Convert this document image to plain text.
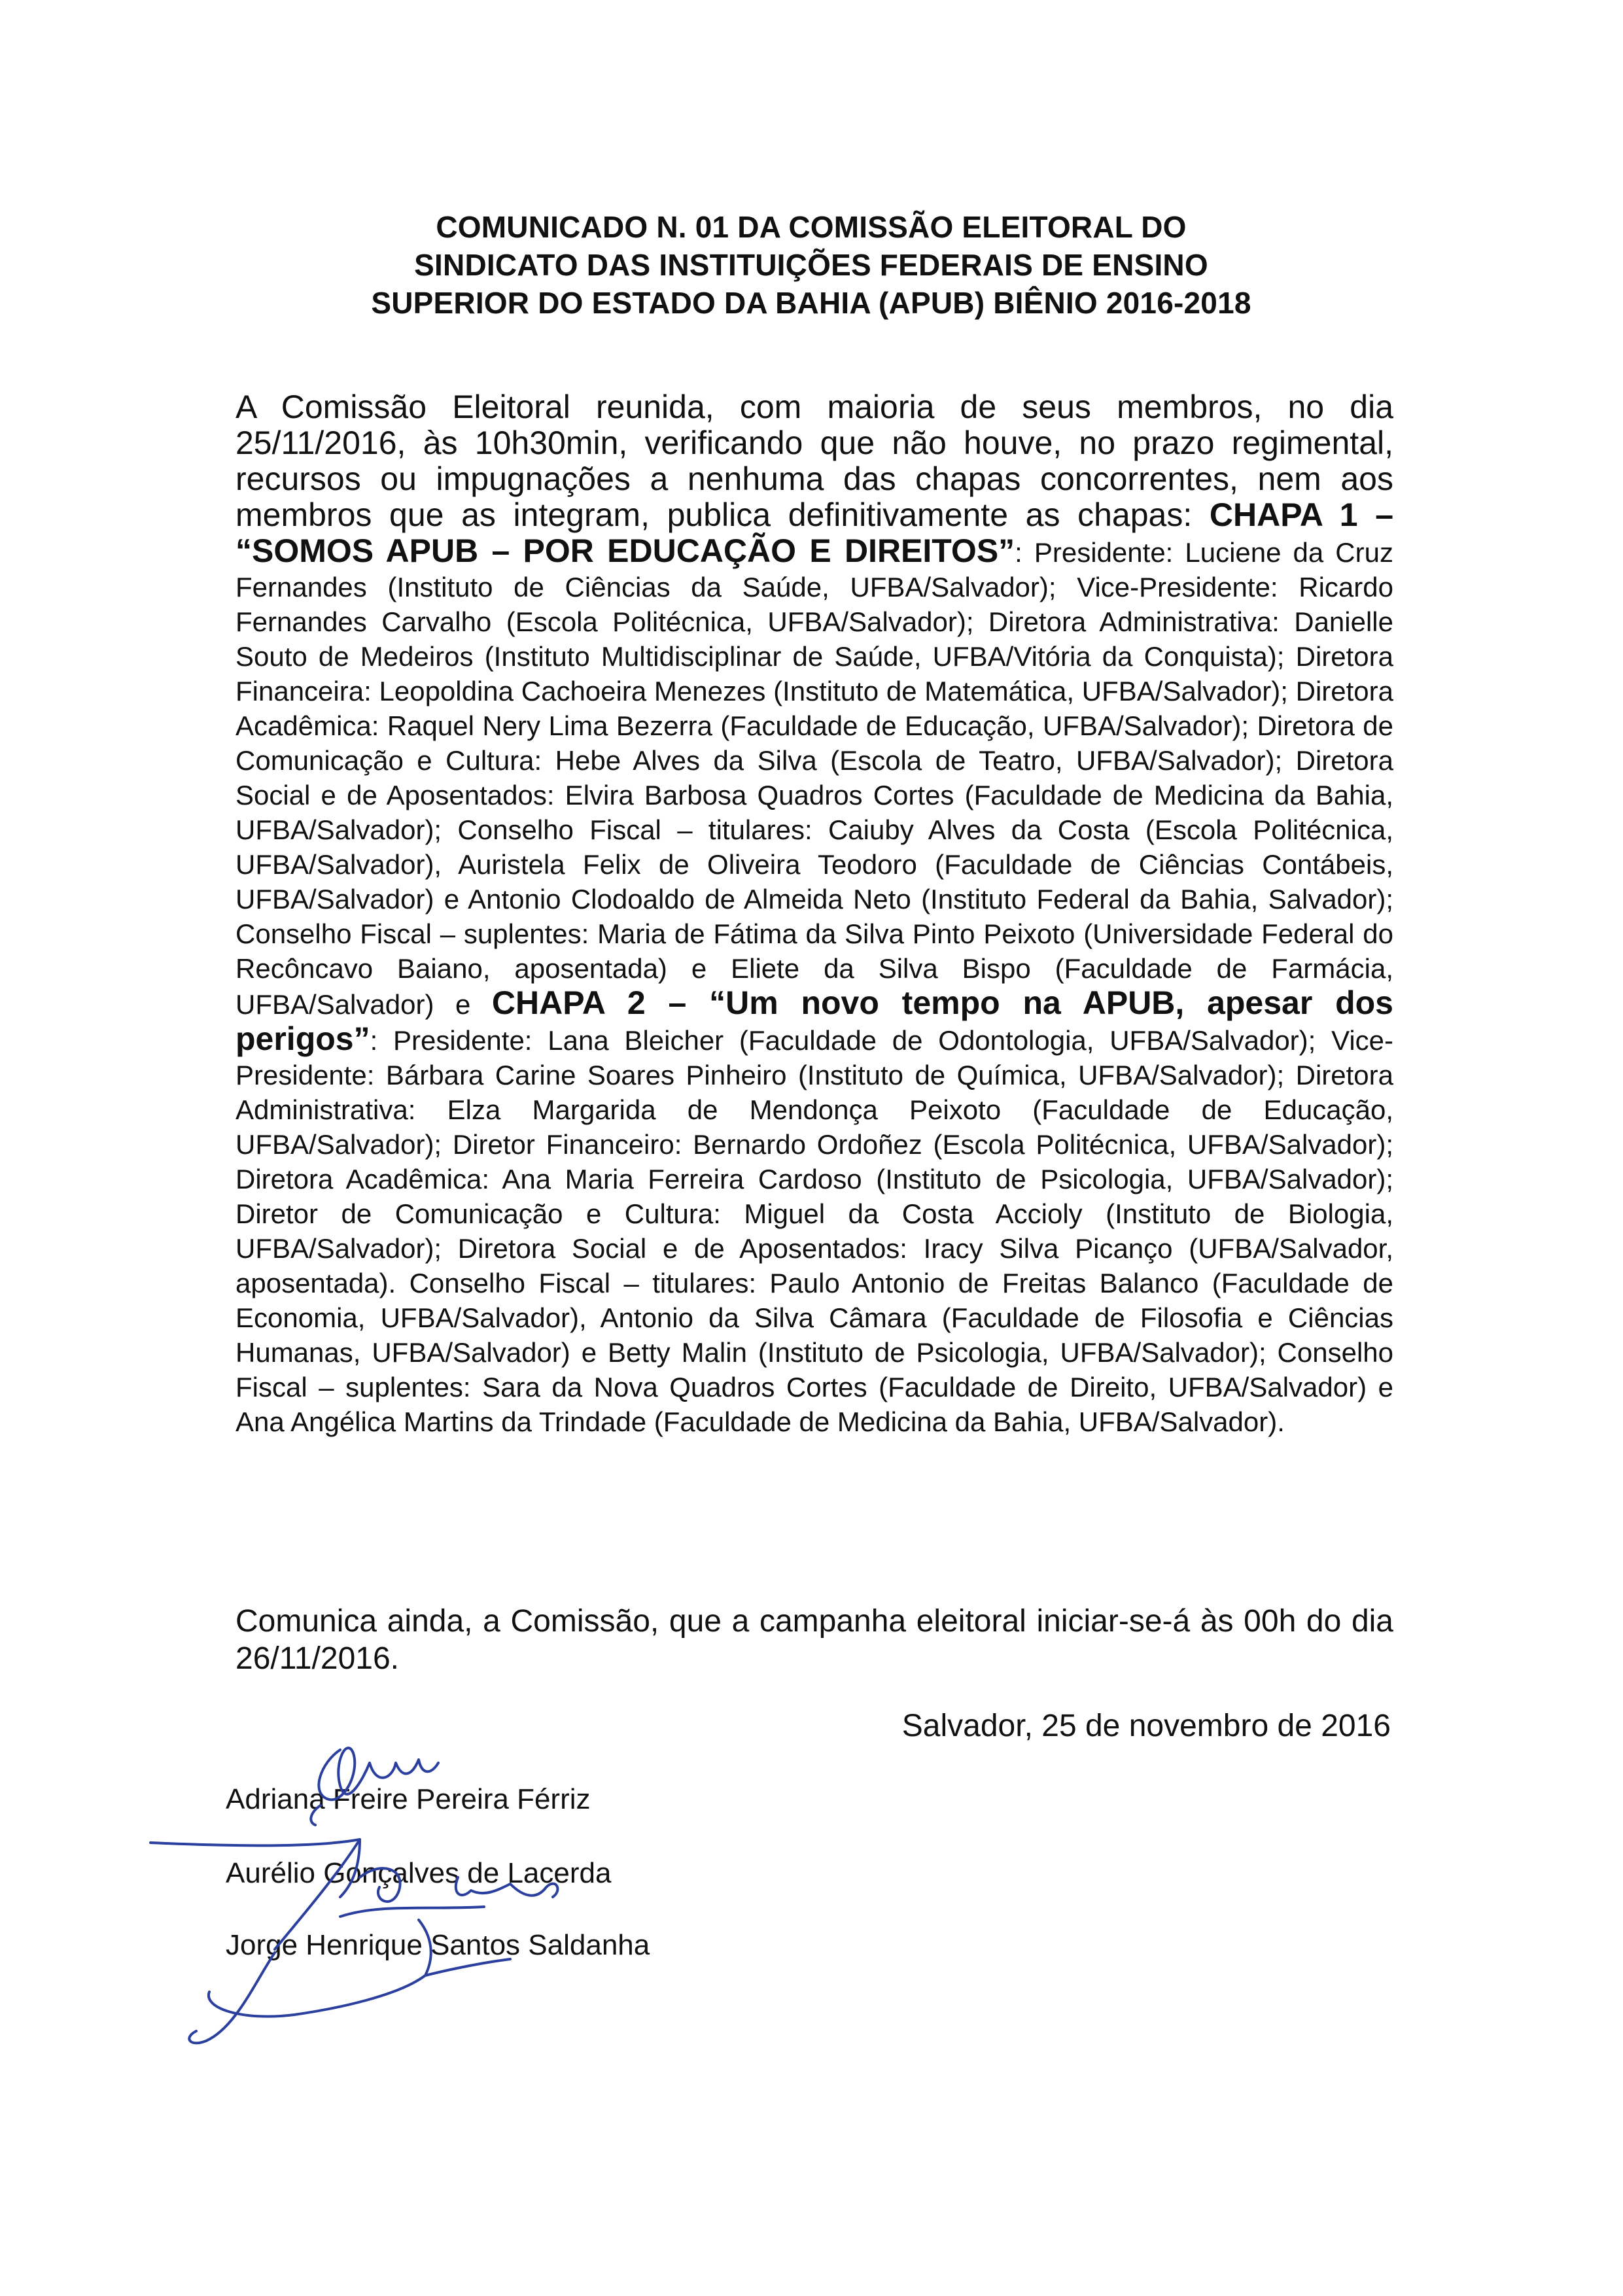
COMUNICADO N. 01 DA COMISSÃO ELEITORAL DO
SINDICATO DAS INSTITUIÇÕES FEDERAIS DE ENSINO
SUPERIOR DO ESTADO DA BAHIA (APUB) BIÊNIO 2016-2018
A Comissão Eleitoral reunida, com maioria de seus membros, no dia 25/11/2016, às 10h30min, verificando que não houve, no prazo regimental, recursos ou impugnações a nenhuma das chapas concorrentes, nem aos membros que as integram, publica definitivamente as chapas: CHAPA 1 – “SOMOS APUB – POR EDUCAÇÃO E DIREITOS”: Presidente: Luciene da Cruz Fernandes (Instituto de Ciências da Saúde, UFBA/Salvador); Vice-Presidente: Ricardo Fernandes Carvalho (Escola Politécnica, UFBA/Salvador); Diretora Administrativa: Danielle Souto de Medeiros (Instituto Multidisciplinar de Saúde, UFBA/Vitória da Conquista); Diretora Financeira: Leopoldina Cachoeira Menezes (Instituto de Matemática, UFBA/Salvador); Diretora Acadêmica: Raquel Nery Lima Bezerra (Faculdade de Educação, UFBA/Salvador); Diretora de Comunicação e Cultura: Hebe Alves da Silva (Escola de Teatro, UFBA/Salvador); Diretora Social e de Aposentados: Elvira Barbosa Quadros Cortes (Faculdade de Medicina da Bahia, UFBA/Salvador); Conselho Fiscal – titulares: Caiuby Alves da Costa (Escola Politécnica, UFBA/Salvador), Auristela Felix de Oliveira Teodoro (Faculdade de Ciências Contábeis, UFBA/Salvador) e Antonio Clodoaldo de Almeida Neto (Instituto Federal da Bahia, Salvador); Conselho Fiscal – suplentes: Maria de Fátima da Silva Pinto Peixoto (Universidade Federal do Recôncavo Baiano, aposentada) e Eliete da Silva Bispo (Faculdade de Farmácia, UFBA/Salvador) e CHAPA 2 – “Um novo tempo na APUB, apesar dos perigos”: Presidente: Lana Bleicher (Faculdade de Odontologia, UFBA/Salvador); Vice-Presidente: Bárbara Carine Soares Pinheiro (Instituto de Química, UFBA/Salvador); Diretora Administrativa: Elza Margarida de Mendonça Peixoto (Faculdade de Educação, UFBA/Salvador); Diretor Financeiro: Bernardo Ordoñez (Escola Politécnica, UFBA/Salvador); Diretora Acadêmica: Ana Maria Ferreira Cardoso (Instituto de Psicologia, UFBA/Salvador); Diretor de Comunicação e Cultura: Miguel da Costa Accioly (Instituto de Biologia, UFBA/Salvador); Diretora Social e de Aposentados: Iracy Silva Picanço (UFBA/Salvador, aposentada). Conselho Fiscal – titulares: Paulo Antonio de Freitas Balanco (Faculdade de Economia, UFBA/Salvador), Antonio da Silva Câmara (Faculdade de Filosofia e Ciências Humanas, UFBA/Salvador) e Betty Malin (Instituto de Psicologia, UFBA/Salvador); Conselho Fiscal – suplentes: Sara da Nova Quadros Cortes (Faculdade de Direito, UFBA/Salvador) e Ana Angélica Martins da Trindade (Faculdade de Medicina da Bahia, UFBA/Salvador).
Comunica ainda, a Comissão, que a campanha eleitoral iniciar-se-á às 00h do dia 26/11/2016.
Salvador, 25 de novembro de 2016
Adriana Freire Pereira Férriz
Aurélio Gonçalves de Lacerda
Jorge Henrique Santos Saldanha
